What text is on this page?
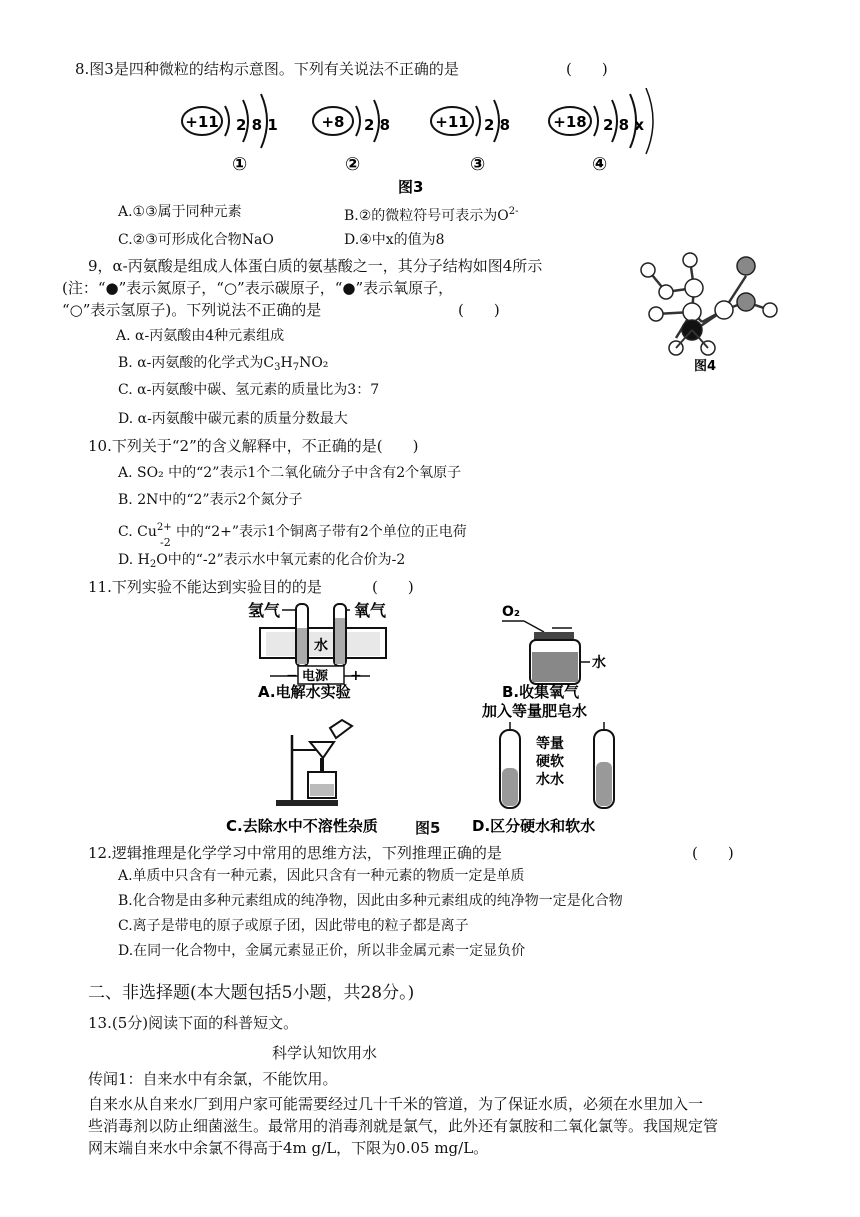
8.图3是四种微粒的结构示意图。下列有关说法不正确的是	(　　)
+11 2 8 1
①
+8 2 8
②
+11 2 8
③
+18 2 8 x
④
图3
A.①③属于同种元素	B.②的微粒符号可表示为$O^{2-}$
C.②③可形成化合物NaO	D.④中x的值为8
9，α-丙氨酸是组成人体蛋白质的氨基酸之一，其分子结构如图4所示
(注：“●”表示氮原子，“○”表示碳原子，“●”表示氧原子，
“○”表示氢原子)。下列说法不正确的是	(　　)
图4
A. α-丙氨酸由4种元素组成
B. α-丙氨酸的化学式为$C_3H_7NO_2$
C. α-丙氨酸中碳、氢元素的质量比为3：7
D. α-丙氨酸中碳元素的质量分数最大
10.下列关于“2”的含义解释中，不正确的是(　　)
A. SO₂ 中的“2”表示1个二氧化硫分子中含有2个氧原子
B. 2N中的“2”表示2个氮分子
C. $Cu^{2+}$ 中的“2+”表示1个铜离子带有2个单位的正电荷
-2
D. $H_2O$中的“-2”表示水中氧元素的化合价为-2
11.下列实验不能达到实验目的的是	(　　)
氢气	氧气
水
电源
−	+
A.电解水实验
O₂
水
B.收集氧气
C.去除水中不溶性杂质
加入等量肥皂水
等量
硬软
水水
D.区分硬水和软水
图5
12.逻辑推理是化学学习中常用的思维方法，下列推理正确的是	(　　)
A.单质中只含有一种元素，因此只含有一种元素的物质一定是单质
B.化合物是由多种元素组成的纯净物，因此由多种元素组成的纯净物一定是化合物
C.离子是带电的原子或原子团，因此带电的粒子都是离子
D.在同一化合物中，金属元素显正价，所以非金属元素一定显负价
二、非选择题(本大题包括5小题，共28分。)
13.(5分)阅读下面的科普短文。
科学认知饮用水
传闻1：自来水中有余氯，不能饮用。
自来水从自来水厂到用户家可能需要经过几十千米的管道，为了保证水质，必须在水里加入一
些消毒剂以防止细菌滋生。最常用的消毒剂就是氯气，此外还有氯胺和二氧化氯等。我国规定管
网末端自来水中余氯不得高于4m g/L，下限为0.05 mg/L。
